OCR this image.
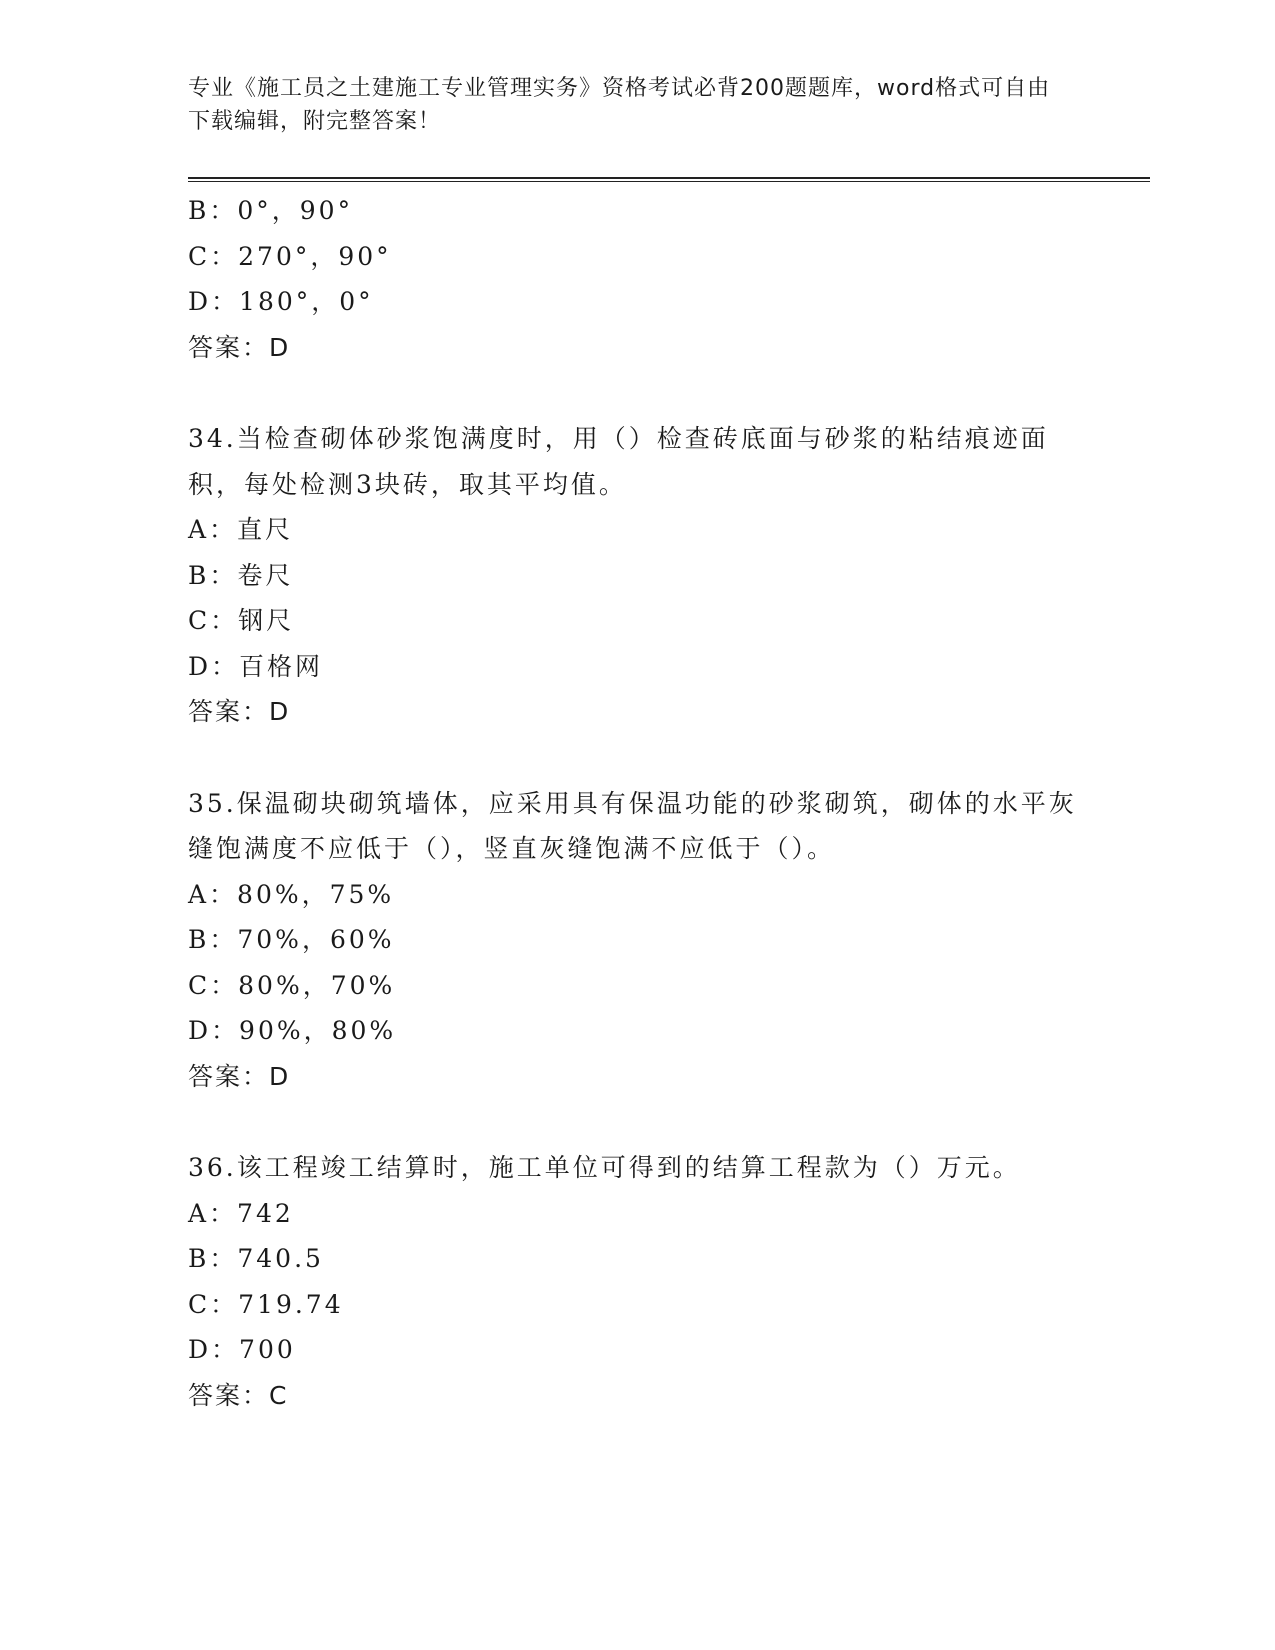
专业《施工员之土建施工专业管理实务》资格考试必背200题题库，word格式可自由下载编辑，附完整答案！
B：0°，90°
C：270°，90°
D：180°，0°
答案：D
34.当检查砌体砂浆饱满度时，用（）检查砖底面与砂浆的粘结痕迹面积，每处检测3块砖，取其平均值。
A：直尺
B：卷尺
C：钢尺
D：百格网
答案：D
35.保温砌块砌筑墙体，应采用具有保温功能的砂浆砌筑，砌体的水平灰缝饱满度不应低于（），竖直灰缝饱满不应低于（）。
A：80%，75%
B：70%，60%
C：80%，70%
D：90%，80%
答案：D
36.该工程竣工结算时，施工单位可得到的结算工程款为（）万元。
A：742
B：740.5
C：719.74
D：700
答案：C
